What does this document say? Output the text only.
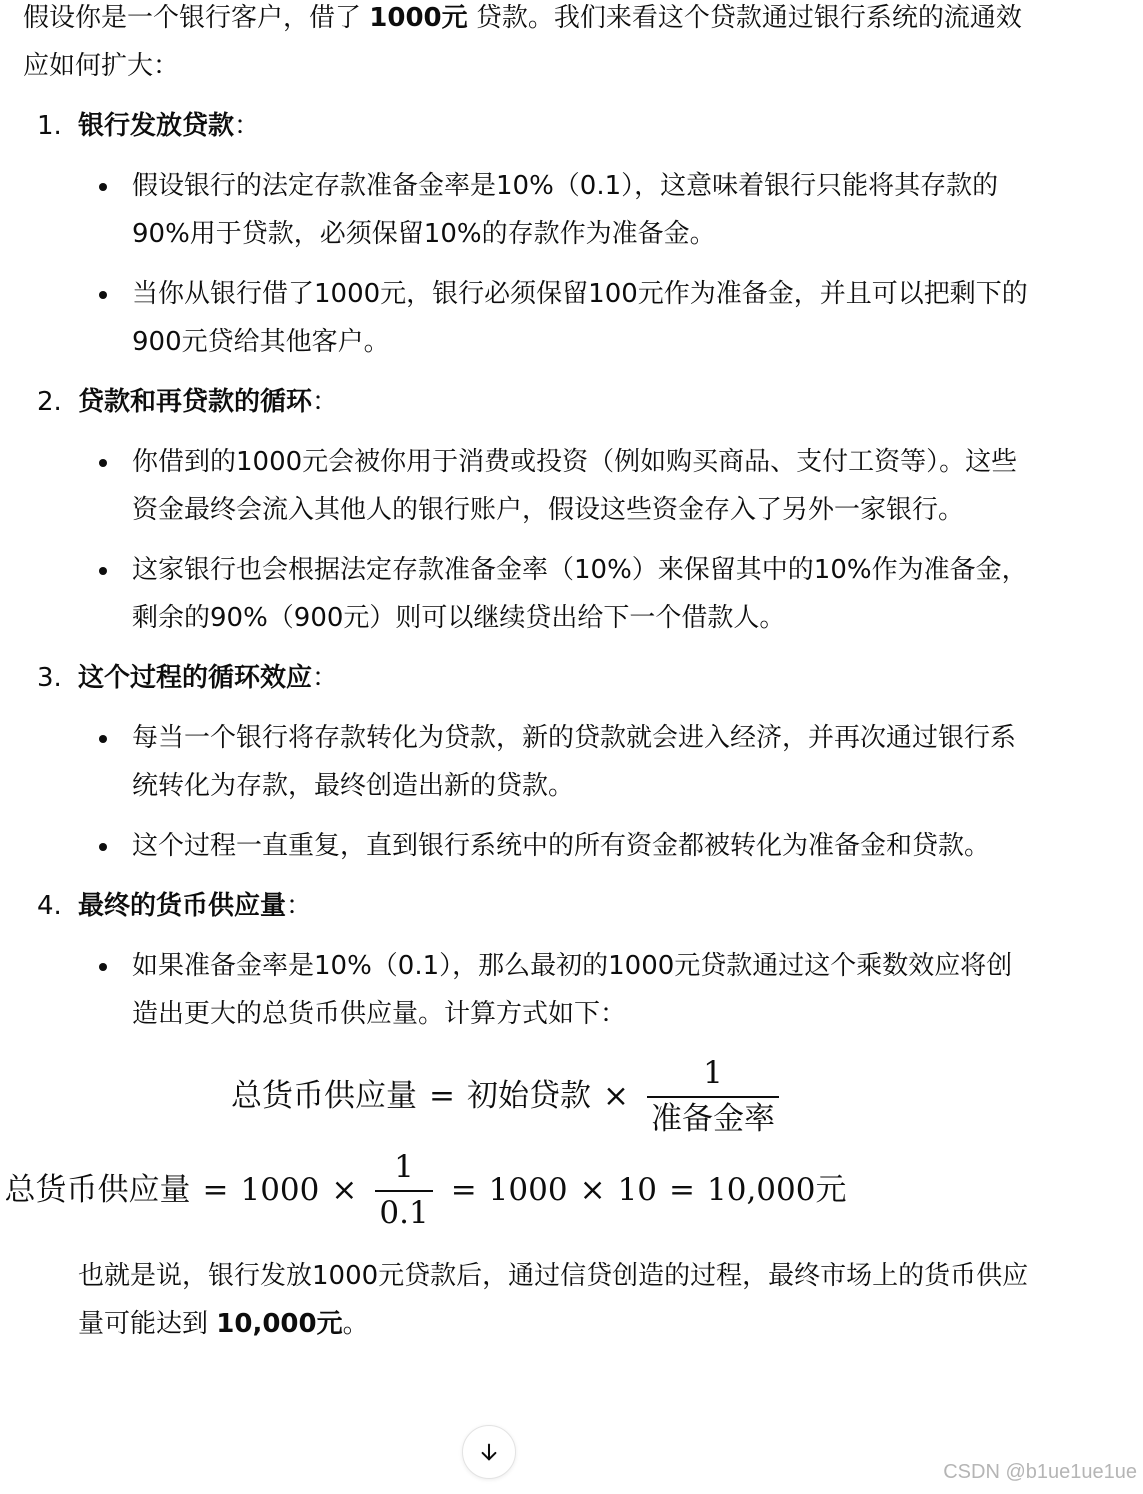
假设你是一个银行客户，借了 1000元 贷款。我们来看这个贷款通过银行系统的流通效应如何扩大：

1. 银行发放贷款：

假设银行的法定存款准备金率是10%（0.1），这意味着银行只能将其存款的90%用于贷款，必须保留10%的存款作为准备金。
当你从银行借了1000元，银行必须保留100元作为准备金，并且可以把剩下的900元贷给其他客户。
2. 贷款和再贷款的循环：

你借到的1000元会被你用于消费或投资（例如购买商品、支付工资等）。这些资金最终会流入其他人的银行账户，假设这些资金存入了另外一家银行。
这家银行也会根据法定存款准备金率（10%）来保留其中的10%作为准备金，剩余的90%（900元）则可以继续贷出给下一个借款人。
3. 这个过程的循环效应：

每当一个银行将存款转化为贷款，新的贷款就会进入经济，并再次通过银行系统转化为存款，最终创造出新的贷款。
这个过程一直重复，直到银行系统中的所有资金都被转化为准备金和贷款。
4. 最终的货币供应量：

如果准备金率是10%（0.1），那么最初的1000元贷款通过这个乘数效应将创造出更大的总货币供应量。计算方式如下：
总货币供应量 = 初始贷款 × $\frac{1}{\text{准备金率}}$
总货币供应量 = $1000 \times \frac{1}{0.1} = 1000 \times 10 = 10,000$元

也就是说，银行发放1000元贷款后，通过信贷创造的过程，最终市场上的货币供应量可能达到 10,000元。

CSDN @b1ue1ue1ue
